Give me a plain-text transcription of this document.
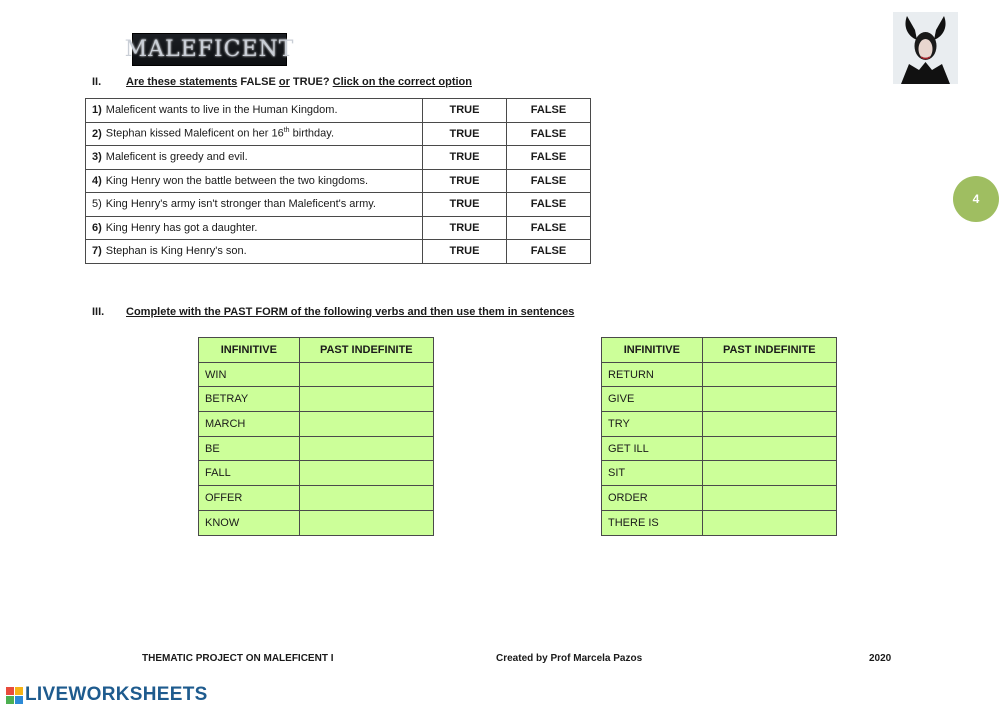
MALEFICENT
4
II. Are these statements FALSE or TRUE? Click on the correct option
1) Maleficent wants to live in the Human Kingdom.	TRUE	FALSE
2) Stephan kissed Maleficent on her 16th birthday.	TRUE	FALSE
3) Maleficent is greedy and evil.	TRUE	FALSE
4) King Henry won the battle between the two kingdoms.	TRUE	FALSE
5) King Henry's army isn't stronger than Maleficent's army.	TRUE	FALSE
6) King Henry has got a daughter.	TRUE	FALSE
7) Stephan is King Henry's son.	TRUE	FALSE
III. Complete with the PAST FORM of the following verbs and then use them in sentences
INFINITIVE	PAST INDEFINITE
WIN	
BETRAY	
MARCH	
BE	
FALL	
OFFER	
KNOW	
INFINITIVE	PAST INDEFINITE
RETURN	
GIVE	
TRY	
GET ILL	
SIT	
ORDER	
THERE IS	
THEMATIC PROJECT ON MALEFICENT I	Created by Prof Marcela Pazos	2020
LIVEWORKSHEETS
